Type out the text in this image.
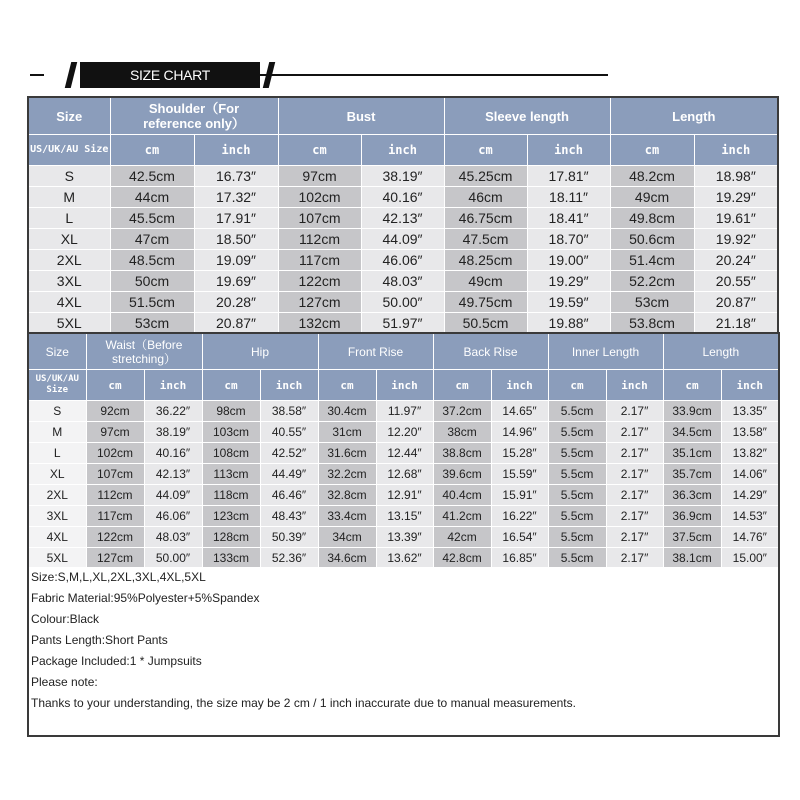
SIZE CHART
Size	Shoulder（For reference only）		Bust		Sleeve length		Length	
US/UK/AU Size	cm	inch	cm	inch	cm	inch	cm	inch
S	42.5cm	16.73″	97cm	38.19″	45.25cm	17.81″	48.2cm	18.98″
M	44cm	17.32″	102cm	40.16″	46cm	18.11″	49cm	19.29″
L	45.5cm	17.91″	107cm	42.13″	46.75cm	18.41″	49.8cm	19.61″
XL	47cm	18.50″	112cm	44.09″	47.5cm	18.70″	50.6cm	19.92″
2XL	48.5cm	19.09″	117cm	46.06″	48.25cm	19.00″	51.4cm	20.24″
3XL	50cm	19.69″	122cm	48.03″	49cm	19.29″	52.2cm	20.55″
4XL	51.5cm	20.28″	127cm	50.00″	49.75cm	19.59″	53cm	20.87″
5XL	53cm	20.87″	132cm	51.97″	50.5cm	19.88″	53.8cm	21.18″
Size	Waist（Before stretching）		Hip		Front Rise		Back Rise		Inner Length		Length	
US/UK/AU Size	cm	inch	cm	inch	cm	inch	cm	inch	cm	inch	cm	inch
S	92cm	36.22″	98cm	38.58″	30.4cm	11.97″	37.2cm	14.65″	5.5cm	2.17″	33.9cm	13.35″
M	97cm	38.19″	103cm	40.55″	31cm	12.20″	38cm	14.96″	5.5cm	2.17″	34.5cm	13.58″
L	102cm	40.16″	108cm	42.52″	31.6cm	12.44″	38.8cm	15.28″	5.5cm	2.17″	35.1cm	13.82″
XL	107cm	42.13″	113cm	44.49″	32.2cm	12.68″	39.6cm	15.59″	5.5cm	2.17″	35.7cm	14.06″
2XL	112cm	44.09″	118cm	46.46″	32.8cm	12.91″	40.4cm	15.91″	5.5cm	2.17″	36.3cm	14.29″
3XL	117cm	46.06″	123cm	48.43″	33.4cm	13.15″	41.2cm	16.22″	5.5cm	2.17″	36.9cm	14.53″
4XL	122cm	48.03″	128cm	50.39″	34cm	13.39″	42cm	16.54″	5.5cm	2.17″	37.5cm	14.76″
5XL	127cm	50.00″	133cm	52.36″	34.6cm	13.62″	42.8cm	16.85″	5.5cm	2.17″	38.1cm	15.00″
Size:S,M,L,XL,2XL,3XL,4XL,5XL
Fabric Material:95%Polyester+5%Spandex
Colour:Black
Pants Length:Short Pants
Package Included:1 * Jumpsuits
Please note:
Thanks to your understanding, the size may be 2 cm / 1 inch inaccurate due to manual measurements.
